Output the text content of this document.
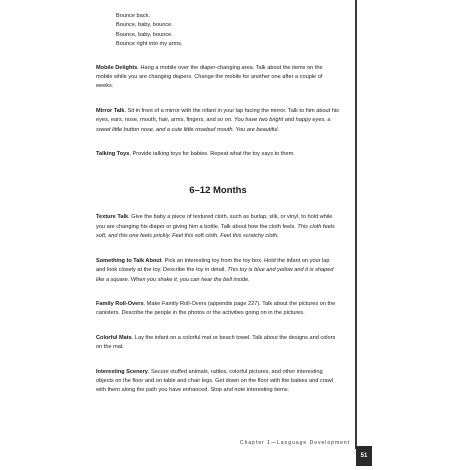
Bounce back.
Bounce, baby, bounce.
Bounce, baby, bounce.
Bounce right into my arms.

Mobile Delights. Hang a mobile over the diaper-changing area. Talk about the items on the mobile while you are changing diapers. Change the mobile for another one after a couple of weeks.

Mirror Talk. Sit in front of a mirror with the infant in your lap facing the mirror. Talk to him about his eyes, ears, nose, mouth, hair, arms, fingers, and so on. You have two bright and happy eyes, a sweet little button nose, and a cute little rosebud mouth. You are beautiful.

Talking Toys. Provide talking toys for babies. Repeat what the toy says to them.

6–12 Months

Texture Talk. Give the baby a piece of textured cloth, such as burlap, silk, or vinyl, to hold while you are changing his diaper or giving him a bottle. Talk about how the cloth feels. This cloth feels soft, and this one feels prickly. Feel this soft cloth. Feel this scratchy cloth.

Something to Talk About. Pick an interesting toy from the toy box. Hold the infant on your lap and look closely at the toy. Describe the toy in detail. This toy is blue and yellow and it is shaped like a square. When you shake it, you can hear the bell inside.

Family Roll-Overs. Make Family Roll-Overs (appendix page 227). Talk about the pictures on the canisters. Describe the people in the photos or the activities going on in the pictures.

Colorful Mats. Lay the infant on a colorful mat or beach towel. Talk about the designs and colors on the mat.

Interesting Scenery. Secure stuffed animals, rattles, colorful pictures, and other interesting objects on the floor and on table and chair legs. Get down on the floor with the babies and crawl with them along the path you have enhanced. Stop and note interesting items.

Chapter 1—Language Development
51
